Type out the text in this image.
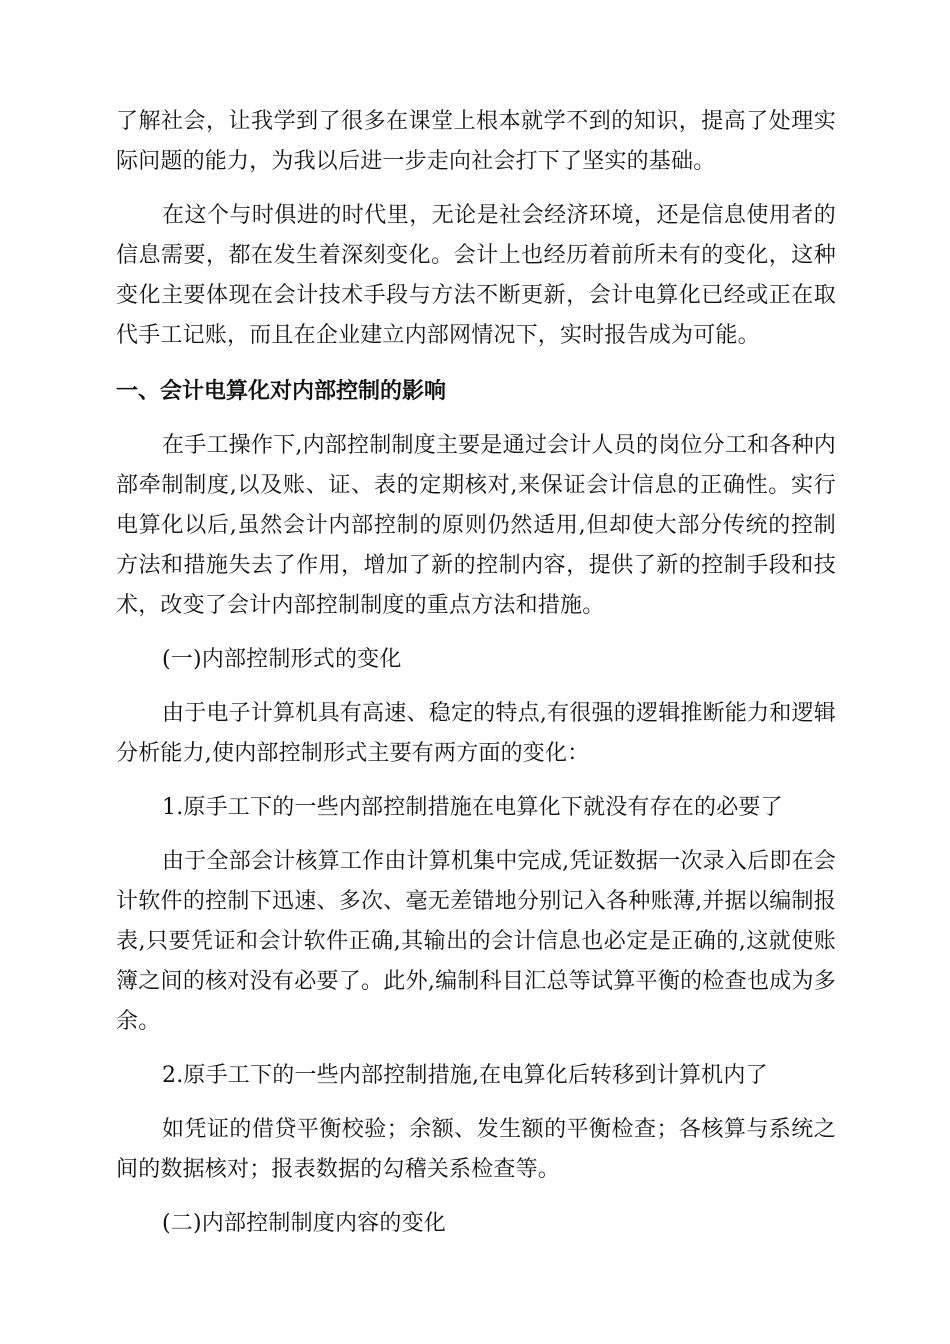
了解社会，让我学到了很多在课堂上根本就学不到的知识，提高了处理实际问题的能力，为我以后进一步走向社会打下了坚实的基础。

在这个与时俱进的时代里，无论是社会经济环境，还是信息使用者的信息需要，都在发生着深刻变化。会计上也经历着前所未有的变化，这种变化主要体现在会计技术手段与方法不断更新，会计电算化已经或正在取代手工记账，而且在企业建立内部网情况下，实时报告成为可能。

一、会计电算化对内部控制的影响

在手工操作下,内部控制制度主要是通过会计人员的岗位分工和各种内部牵制制度,以及账、证、表的定期核对,来保证会计信息的正确性。实行电算化以后,虽然会计内部控制的原则仍然适用,但却使大部分传统的控制方法和措施失去了作用，增加了新的控制内容，提供了新的控制手段和技术，改变了会计内部控制制度的重点方法和措施。

(一)内部控制形式的变化

由于电子计算机具有高速、稳定的特点,有很强的逻辑推断能力和逻辑分析能力,使内部控制形式主要有两方面的变化：

1.原手工下的一些内部控制措施在电算化下就没有存在的必要了

由于全部会计核算工作由计算机集中完成,凭证数据一次录入后即在会计软件的控制下迅速、多次、毫无差错地分别记入各种账薄,并据以编制报表,只要凭证和会计软件正确,其输出的会计信息也必定是正确的,这就使账簿之间的核对没有必要了。此外,编制科目汇总等试算平衡的检查也成为多余。

2.原手工下的一些内部控制措施,在电算化后转移到计算机内了

如凭证的借贷平衡校验；余额、发生额的平衡检查；各核算与系统之间的数据核对；报表数据的勾稽关系检查等。

(二)内部控制制度内容的变化
